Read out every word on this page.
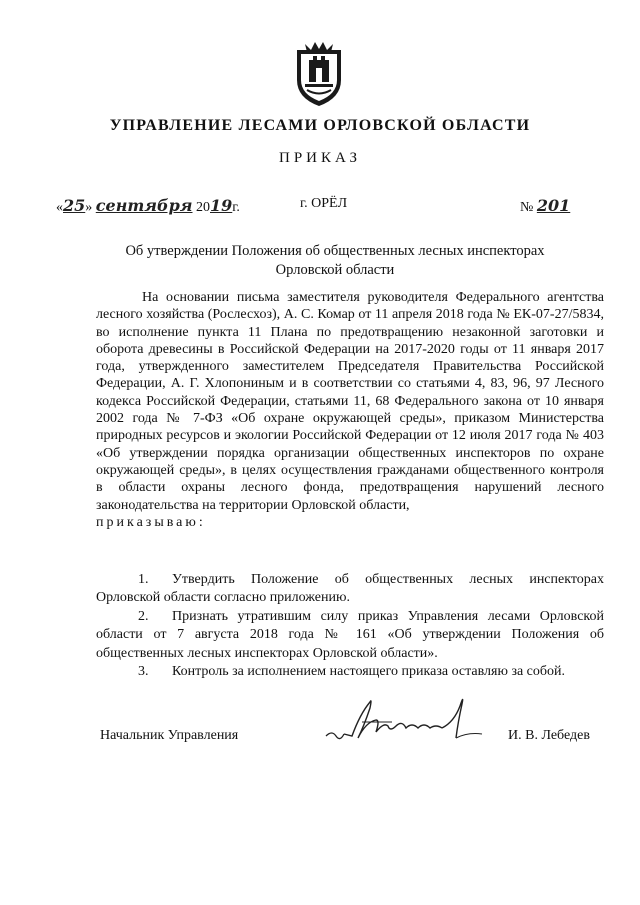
УПРАВЛЕНИЕ ЛЕСАМИ ОРЛОВСКОЙ ОБЛАСТИ
ПРИКАЗ
«25» сентября 2019г.	г. ОРЁЛ	№ 201
Об утверждении Положения об общественных лесных инспекторах
Орловской области

На основании письма заместителя руководителя Федерального агентства лесного хозяйства (Рослесхоз), А. С. Комар от 11 апреля 2018 года № ЕК-07-27/5834, во исполнение пункта 11 Плана по предотвращению незаконной заготовки и оборота древесины в Российской Федерации на 2017-2020 годы от 11 января 2017 года, утвержденного заместителем Председателя Правительства Российской Федерации, А. Г. Хлопониным и в соответствии со статьями 4, 83, 96, 97 Лесного кодекса Российской Федерации, статьями 11, 68 Федерального закона от 10 января 2002 года № 7-ФЗ «Об охране окружающей среды», приказом Министерства природных ресурсов и экологии Российской Федерации от 12 июля 2017 года № 403 «Об утверждении порядка организации общественных инспекторов по охране окружающей среды», в целях осуществления гражданами общественного контроля в области охраны лесного фонда, предотвращения нарушений лесного законодательства на территории Орловской области,

приказываю:

1. Утвердить Положение об общественных лесных инспекторах Орловской области согласно приложению.

2. Признать утратившим силу приказ Управления лесами Орловской области от 7 августа 2018 года № 161 «Об утверждении Положения об общественных лесных инспекторах Орловской области».

3. Контроль за исполнением настоящего приказа оставляю за собой.

Начальник Управления	И. В. Лебедев
